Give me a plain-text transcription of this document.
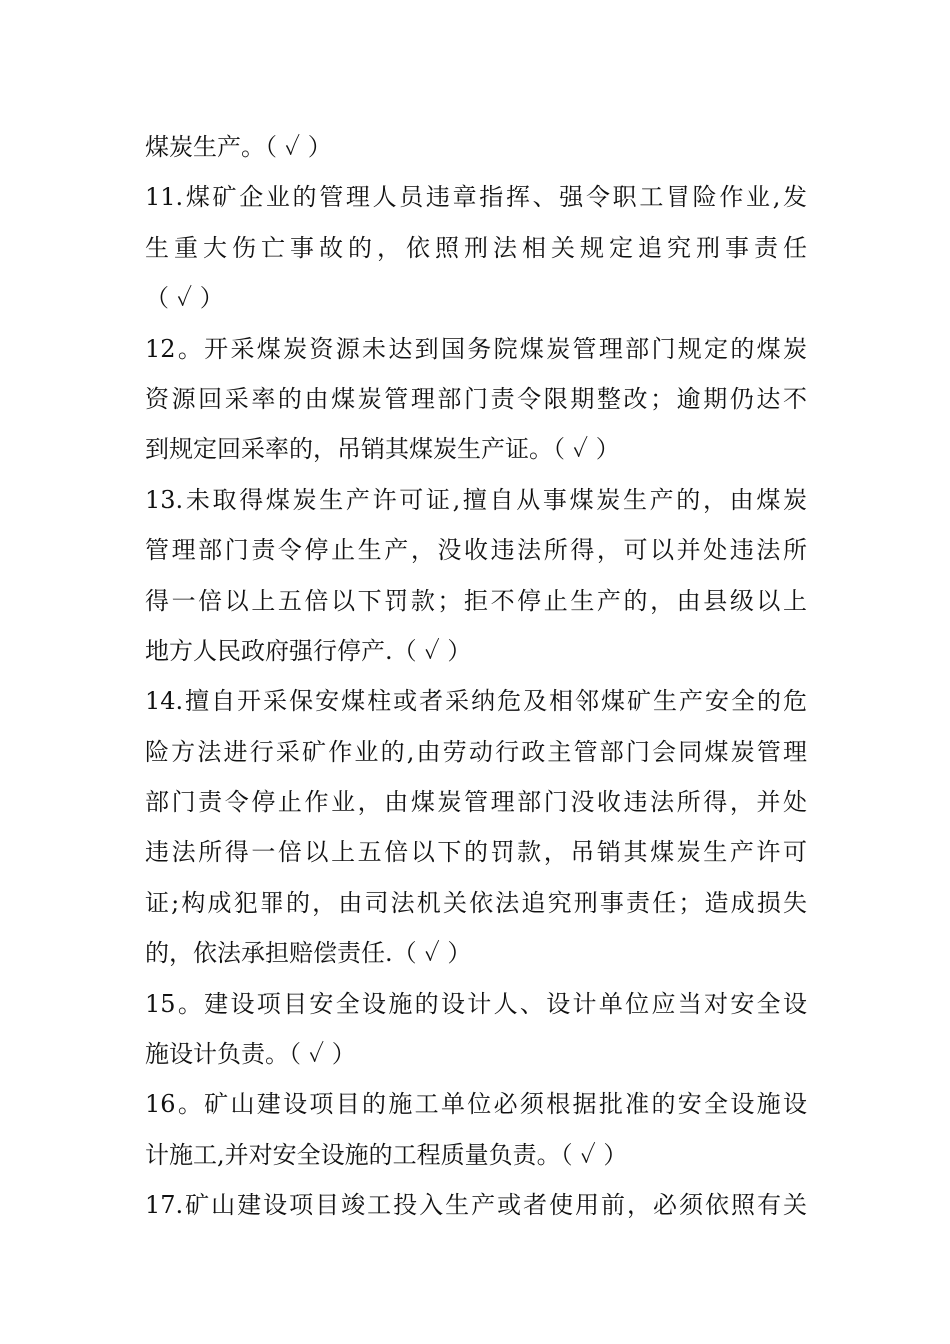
煤炭生产。（ ✓ ）
11.煤矿企业的管理人员违章指挥、强令职工冒险作业,发
生重大伤亡事故的，依照刑法相关规定追究刑事责任
（ ✓ ）
12。开采煤炭资源未达到国务院煤炭管理部门规定的煤炭
资源回采率的由煤炭管理部门责令限期整改；逾期仍达不
到规定回采率的，吊销其煤炭生产证。（ ✓ ）
13.未取得煤炭生产许可证,擅自从事煤炭生产的，由煤炭
管理部门责令停止生产，没收违法所得，可以并处违法所
得一倍以上五倍以下罚款；拒不停止生产的，由县级以上
地方人民政府强行停产.（ ✓ ）
14.擅自开采保安煤柱或者采纳危及相邻煤矿生产安全的危
险方法进行采矿作业的,由劳动行政主管部门会同煤炭管理
部门责令停止作业，由煤炭管理部门没收违法所得，并处
违法所得一倍以上五倍以下的罚款，吊销其煤炭生产许可
证;构成犯罪的，由司法机关依法追究刑事责任；造成损失
的，依法承担赔偿责任.（ ✓ ）
15。建设项目安全设施的设计人、设计单位应当对安全设
施设计负责。（ ✓ ）
16。矿山建设项目的施工单位必须根据批准的安全设施设
计施工,并对安全设施的工程质量负责。（ ✓ ）
17.矿山建设项目竣工投入生产或者使用前，必须依照有关
